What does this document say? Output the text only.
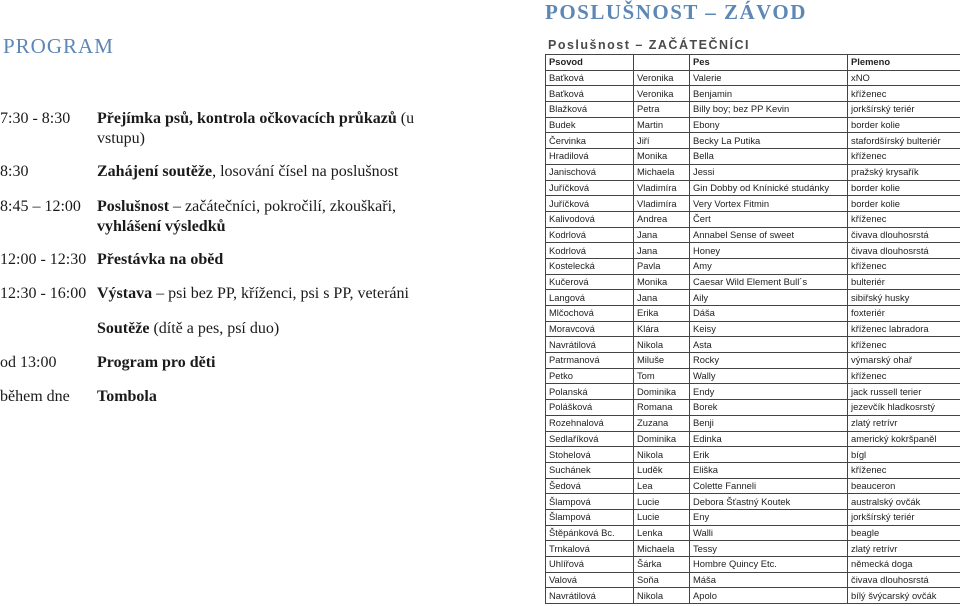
PROGRAM
7:30 - 8:30	Přejímka psů, kontrola očkovacích průkazů (u vstupu)
8:30	Zahájení soutěže, losování čísel na poslušnost
8:45 – 12:00	Poslušnost – začátečníci, pokročilí, zkouškaři, vyhlášení výsledků
12:00 - 12:30 Přestávka na oběd
12:30 - 16:00 Výstava – psi bez PP, kříženci, psi s PP, veteráni
Soutěže (dítě a pes, psí duo)
od 13:00	Program pro děti
během dne	Tombola
POSLUŠNOST – ZÁVOD
Poslušnost – ZAČÁTEČNÍCI
Psovod		Pes	Plemeno
Baťková	Veronika	Valerie	xNO
Baťková	Veronika	Benjamin	kříženec
Blažková	Petra	Billy boy; bez PP Kevin	jorkšírský teriér
Budek	Martin	Ebony	border kolie
Červinka	Jiří	Becky La Putika	stafordšírský bulteriér
Hradilová	Monika	Bella	kříženec
Janischová	Michaela	Jessi	pražský krysařík
Juříčková	Vladimíra	Gin Dobby od Knínické studánky	border kolie
Juříčková	Vladimíra	Very Vortex Fitmin	border kolie
Kalivodová	Andrea	Čert	kříženec
Kodrlová	Jana	Annabel Sense of sweet	čivava dlouhosrstá
Kodrlová	Jana	Honey	čivava dlouhosrstá
Kostelecká	Pavla	Amy	kříženec
Kučerová	Monika	Caesar Wild Element Bull´s	bulteriér
Langová	Jana	Aily	sibiřský husky
Mlčochová	Erika	Dáša	foxteriér
Moravcová	Klára	Keisy	kříženec labradora
Navrátilová	Nikola	Asta	kříženec
Patrmanová	Miluše	Rocky	výmarský ohař
Petko	Tom	Wally	kříženec
Polanská	Dominika	Endy	jack russell terier
Polášková	Romana	Borek	jezevčík hladkosrstý
Rozehnalová	Zuzana	Benji	zlatý retrívr
Sedlaříková	Dominika	Edinka	americký kokršpaněl
Stohelová	Nikola	Erik	bígl
Suchánek	Luděk	Eliška	kříženec
Šedová	Lea	Colette Fanneli	beauceron
Šlampová	Lucie	Debora Šťastný Koutek	australský ovčák
Šlampová	Lucie	Eny	jorkšírský teriér
Štěpánková Bc.	Lenka	Walli	beagle
Trnkalová	Michaela	Tessy	zlatý retrívr
Uhlířová	Šárka	Hombre Quincy Etc.	německá doga
Valová	Soňa	Máša	čivava dlouhosrstá
Navrátilová	Nikola	Apolo	bílý švýcarský ovčák
